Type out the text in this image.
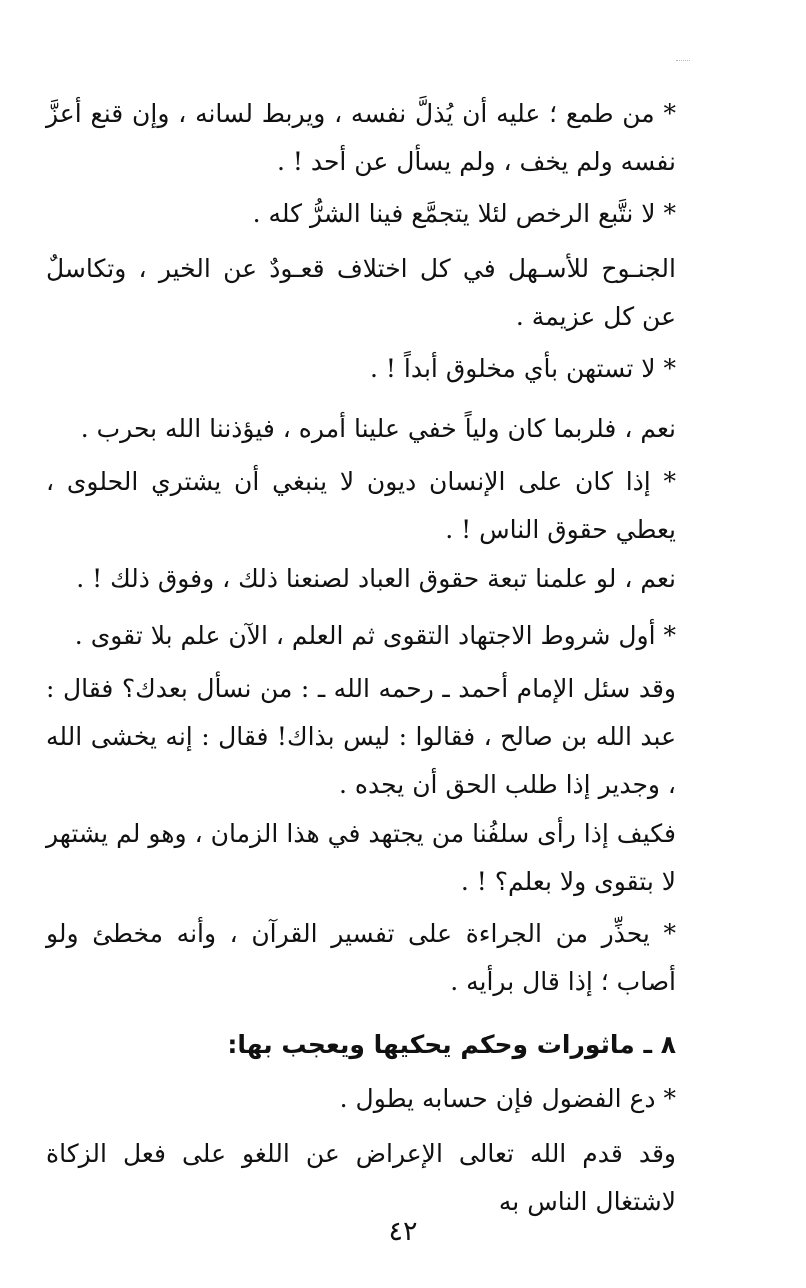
* من طمع ؛ عليه أن يُذلَّ نفسه ، ويربط لسانه ، وإن قنع أعزَّ نفسه ولم يخف ، ولم يسأل عن أحد ! .

* لا نتَّبع الرخص لئلا يتجمَّع فينا الشرُّ كله .

الجنـوح للأسـهل في كل اختلاف قعـودٌ عن الخير ، وتكاسلٌ عن كل عزيمة .

* لا تستهن بأي مخلوق أبداً ! .

نعم ، فلربما كان ولياً خفي علينا أمره ، فيؤذننا الله بحرب .

* إذا كان على الإنسان ديون لا ينبغي أن يشتري الحلوى ، يعطي حقوق الناس ! .

نعم ، لو علمنا تبعة حقوق العباد لصنعنا ذلك ، وفوق ذلك ! .

* أول شروط الاجتهاد التقوى ثم العلم ، الآن علم بلا تقوى .

وقد سئل الإمام أحمد ـ رحمه الله ـ : من نسأل بعدك؟ فقال : عبد الله بن صالح ، فقالوا : ليس بذاك! فقال : إنه يخشى الله ، وجدير إذا طلب الحق أن يجده .

فكيف إذا رأى سلفُنا من يجتهد في هذا الزمان ، وهو لم يشتهر لا بتقوى ولا بعلم؟ ! .

* يحذِّر من الجراءة على تفسير القرآن ، وأنه مخطئ ولو أصاب ؛ إذا قال برأيه .

٨ ـ ماثورات وحكم يحكيها ويعجب بها:

* دع الفضول فإن حسابه يطول .

وقد قدم الله تعالى الإعراض عن اللغو على فعل الزكاة لاشتغال الناس به

٤٢
